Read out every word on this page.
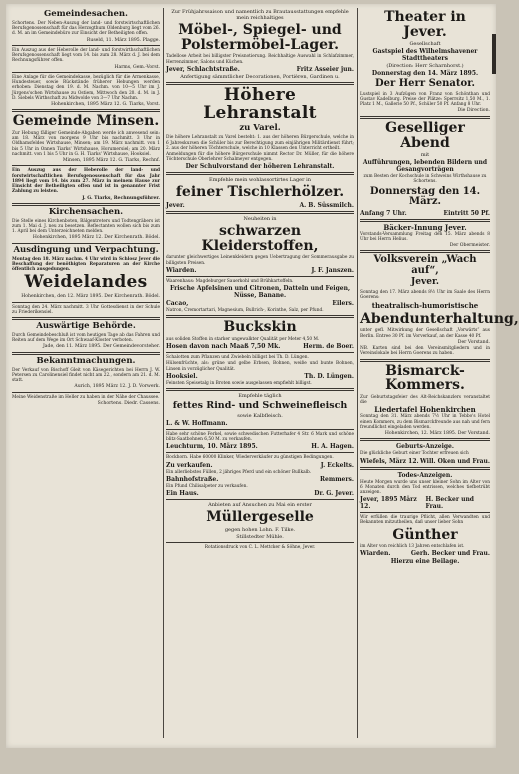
Gemeindesachen.
Schortens. Der Neben-Auszug der land- und forstwirtschaftlichen Berufsgenossenschaft für das Herzogthum Oldenburg liegt vom 26. d. M. an im Gemeindebüro zur Einsicht der Betheiligten offen.
Ruseld, 11. März 1895. Plagge.
Ein Auszug aus der Heberolle der land- und forstwirthschaftlichen Berufsgenossenschaft liegt vom 14. bis zum 28. März d. J. bei dem Rechnungsführer offen.
Harms, Gem.-Vorst.
Eine Anlage für die Gemeindekasse, bezüglich für die Armenkasse, Hundesteuer, sowie Rückstände früherer Hebungen werden erhoben: Dienstag den 19. d. M. Nachm. von 10—5 Uhr im J. Jürgens'schen Wirtshause zu Ostiem, Mittwoch den 20. d. M. in J. D. Siebels Wirthschaft zu Midwolde von 3—7 Uhr Nachm.
Hohenkirchen, 1895 März 12. G. Tiarks, Vorst.
Gemeinde Minsen.
Zur Hebung fälliger Gemeinde-Abgaben werde ich anwesend sein: am 18. März von morgens 9 Uhr bis nachmitt. 3 Uhr in Oldhamsfeldes Wirtshause, Minsen; am 19. März nachmitt. von 1 bis 5 Uhr in Onnen Tiarks' Wirtshause, Horumersiel; am 20. März nachmitt. von 1 bis 5 Uhr in G. H. Tiarks' Wirtshause, Hooksiel.
Minsen, 1895 März 12. G. Tiarks, Rechnf.
Ein Auszug aus der Heberolle der land- und forstwirtschaftlichen Berufsgenossenschaft für das Jahr 1894 liegt vom 14. bis zum 27. März in meinem Hause zur Einsicht der Betheiligten offen und ist in genannter Frist Zahlung zu leisten.
J. G. Tiarks, Rechnungsführer.
Kirchensachen.
Die Stelle eines Kirchenboten, Bälgentreters und Todtengräbers ist zum 1. Mai d. J. neu zu besetzen. Reflectanten wollen sich bis zum 1. April bei dem Unterzeichneten melden.
Hohenkirchen, 1895 März 12. Der Kirchenrath. Bödel.
Ausdingung und Verpachtung.
Montag den 18. März nachm. 4 Uhr wird in Schlosz Jever die Beschaffung der benöthigten Reparaturen an der Kirche öffentlich ausgedungen.
Weidelandes
Hohenkirchen, den 12. März 1895. Der Kirchenrath. Bödel.
Sonntag den 24. März nachmitt. 3 Uhr Gottesdienst in der Schule zu Friederikensiel.
Auswärtige Behörde.
Durch Gemeindebeschluß ist vom heutigen Tage ab das Fahren und Reiten auf dem Wege im Ort Schwaaf-Kloster verboten.
Jade, den 11. März 1895. Der Gemeindevorsteher.
Bekanntmachungen.
Der Verkauf von Bischoff Gleit von Käsegerichten bei Herrn J. W. Petersen zu Carolinensiel findet nicht am 22., sondern am 21. d. M. statt.
Aurich, 1895 März 12. J. D. Vorwerk.
Meine Weidenstraße im Heller zu haben in der Nähe der Chaussee.
Schortens. Diedr. Cassens.
Zur Frühjahrssaison und namentlich zu Brautausstattungen empfehle mein reichhaltiges
Möbel-, Spiegel- und Polstermöbel-Lager.
Tadellose Arbeit bei billigster Preisnotierung. Reichhaltige Auswahl in Schlafzimmer, Herrenzimmer, Salons und Küchen.
Jever, Schlachtstraße.	Fritz Asseier jun.
Anfertigung sämmtlicher Decorationen, Portièren, Gardinen u.
Höhere Lehranstalt
zu Varel.
Die höhere Lehranstalt zu Varel besteht: 1. aus der höheren Bürgerschule, welche in 6 Jahreskursen die Schüler bis zur Berechtigung zum einjährigen Militärdienst führt; 2. aus der höheren Töchterschule, welche in 10 Klassen den Unterricht ertheilt.
Anmeldungen für die höhere Bürgerschule nimmt Rector Dr. Müller, für die höhere Töchterschule Oberlehrer Schalmeyer entgegen.
Der Schulvorstand der höheren Lehranstalt.
Empfehle mein wohlassortirtes Lager in
feiner Tischlerhölzer.
Jever.	A. B. Süssmilch.
Neuheiten in
schwarzen Kleiderstoffen,
darunter gleichwertiges Leinenkleidern gegen Uebertragung der Sommerausgabe zu billigsten Preisen.
Wiarden.	J. F. Janszen.
Waarenhaus: Magdeburger Sauerkohl und Brühkartoffeln.
Frische Apfelsinen und Citronen, Datteln und Feigen, Nüsse, Banane.
Cacao,	Eilers.
Natron, Cremortartari, Magnesium, Bullrich-, Korinthe, Salz, per Pfund.
Buckskin
aus soliden Stoffen in starker ungewalkter Qualität per Meter 4,50 M.
Hosen davon nach Maaß 7,50 Mk.	Herm. de Boer.
Schalotten zum Pflanzen und Zwiebeln billigst bei Th. D. Lüngen.
Hülsenfrüchte, als: grüne und gelbe Erbsen, Bohnen, weiße und bunte Bohnen, Linsen in vorzüglicher Qualität.
Hooksiel.	Th. D. Lüngen.
Feinsten Speisetalg in Broten sowie ausgelassen empfiehlt billigst.
Empfehle täglich
fettes Rind- und Schweinefleisch
sowie Kalbfleisch.
L. & W. Hoffmann.
Habe sehr schöne Ferkel, sowie schwedischen Futterhafer 4 Str. 6 Mark und schöne blitz-Saatbohnen 6,50 M. zu verkaufen.
Leuchturm, 10. März 1895.	H. A. Hagen.
Bockhorn. Habe 60000 Klinker, Wiederverkäufer zu günstigen Bedingungen.
Zu verkaufen.	J. Eckelts.
Ein allerliebstes Füllen, 2 jähriges Pferd und ein schöner Bullkalb.
Bahnhofstraße.	Remmers.
Ein Pfund Chilisalpeter zu verkaufen.
Ein Haus.	Dr. G. Jever.
Anbieten auf Ansuchen zu Mai ein erster
Müllergeselle
gegen hohen Lohn. F. Tilke.
Stillstedter Mühle.
Rotationsdruck von C. L. Mettcker & Söhne, Jever.
Theater in Jever.
Gesellschaft
Gastspiel des Wilhelmshavener Stadttheaters
(Direction: Herr Scharnhorst.)
Donnerstag den 14. März 1895.
Der Herr Senator.
Lustspiel in 3 Aufzügen von Franz von Schönthan und Gustav Kadelburg. Preise der Plätze: Sperrsitz 1,50 M., 1. Platz 1 M., Gallerie 50 Pf., Schüler 50 Pf. Anfang 8 Uhr.
Die Direction.
Geselliger Abend
mit
Aufführungen, lebenden Bildern und Gesangvorträgen
zum Besten der Kochschule in Schweins Wirthshause zu Schortens.
Donnerstag den 14. März.
Anfang 7 Uhr.	Eintritt 50 Pf.
Bäcker-Innung Jever.
Vorstands-Versammlung Freitag den 15. März abends 8 Uhr bei Herrn Helius.
Der Obermeister.
Volksverein „Wach auf“,
Jever.
Sonntag den 17. März abends 8½ Uhr im Saale des Herrn Goerens:
theatralisch-humoristische
Abendunterhaltung,
unter gefl. Mitwirkung der Gesellschaft „Vorwärts“ aus Berlin. Entree 30 Pf. im Vorverkauf, an der Kasse 40 Pf.
Der Vorstand.
NB. Karten sind bei den Vereinsmitgliedern und in Vereinslokale bei Herrn Goerens zu haben.
Bismarck-Kommers.
Zur Geburtstagsfeier des Alt-Reichskanzlers veranstaltet die
Liedertafel Hohenkirchen
Sonntag den 31. März abends 7½ Uhr in Tebbo's Hotel einen Kommers, zu dem Bismarckfreunde aus nah und fern freundlichst eingeladen werden.
Hohenkirchen, 12. März 1895. Der Vorstand.
Geburts-Anzeige.
Die glückliche Geburt einer Tochter erfreuen sich
Wiefels, März 12. Will. Oken und Frau.
Todes-Anzeigen.
Heute Morgen wurde uns unser kleiner Sohn im Alter von 6 Monaten durch den Tod entrissen, welches tiefbetrübt anzeigen.
Jever, 1895 März 12.
H. Becker und Frau.
Wir erfüllen die traurige Pflicht, allen Verwandten und Bekannten mitzutheilen, daß unser lieber Sohn
Günther
im Alter von reichlich 13 Jahren entschlafen ist.
Wiarden.	Gerh. Becker und Frau.
Hierzu eine Beilage.
